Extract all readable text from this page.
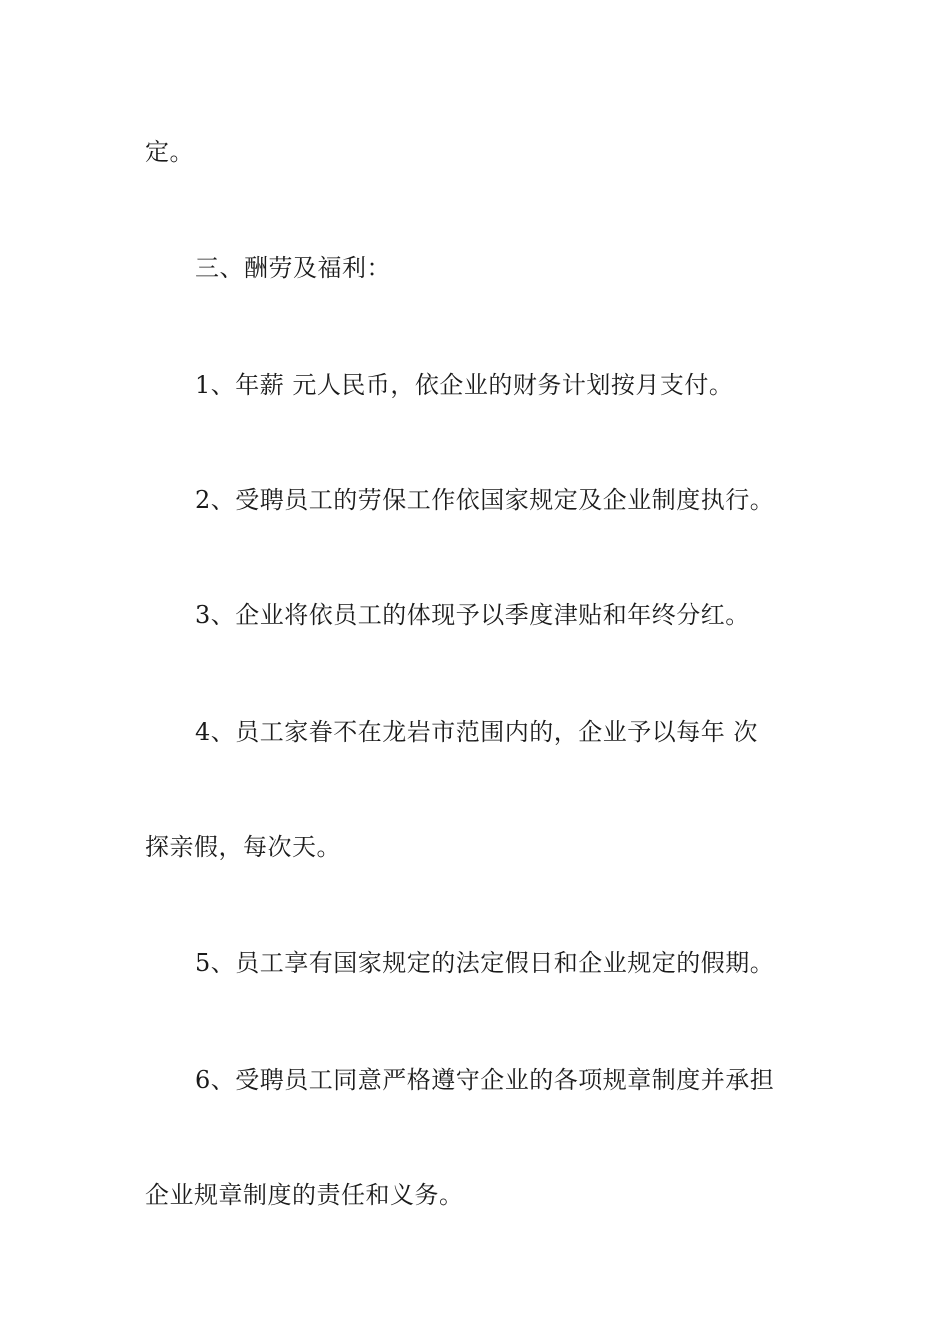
定。
三、酬劳及福利：
1、年薪 元人民币，依企业的财务计划按月支付。
2、受聘员工的劳保工作依国家规定及企业制度执行。
3、企业将依员工的体现予以季度津贴和年终分红。
4、员工家眷不在龙岩市范围内的，企业予以每年 次
探亲假，每次天。
5、员工享有国家规定的法定假日和企业规定的假期。
6、受聘员工同意严格遵守企业的各项规章制度并承担
企业规章制度的责任和义务。
